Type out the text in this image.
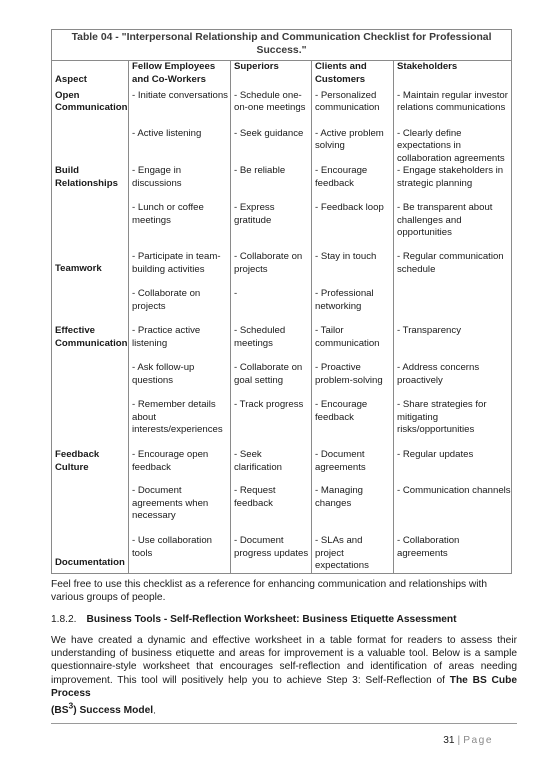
Table 04 - "Interpersonal Relationship and Communication Checklist for Professional Success."				

Aspect	Fellow Employees and Co-Workers	Superiors	Clients and Customers	Stakeholders
Open Communication	- Initiate conversations	- Schedule one-on-one meetings	- Personalized communication	- Maintain regular investor relations communications
	- Active listening	- Seek guidance	- Active problem solving	- Clearly define expectations in collaboration agreements
Build Relationships	- Engage in discussions	- Be reliable	- Encourage feedback	- Engage stakeholders in strategic planning
	- Lunch or coffee meetings	- Express gratitude	- Feedback loop	- Be transparent about challenges and opportunities
Teamwork	- Participate in team-building activities	- Collaborate on projects	- Stay in touch	- Regular communication schedule
	- Collaborate on projects	-	- Professional networking	
Effective Communication	- Practice active listening	- Scheduled meetings	- Tailor communication	- Transparency
	- Ask follow-up questions	- Collaborate on goal setting	- Proactive problem-solving	- Address concerns proactively
	- Remember details about interests/experiences	- Track progress	- Encourage feedback	- Share strategies for mitigating risks/opportunities
Feedback Culture	- Encourage open feedback	- Seek clarification	- Document agreements	- Regular updates
	- Document agreements when necessary	- Request feedback	- Managing changes	- Communication channels
Documentation	- Use collaboration tools	- Document progress updates	- SLAs and project expectations	- Collaboration agreements

Feel free to use this checklist as a reference for enhancing communication and relationships with various groups of people.

1.8.2. Business Tools - Self-Reflection Worksheet: Business Etiquette Assessment

We have created a dynamic and effective worksheet in a table format for readers to assess their understanding of business etiquette and areas for improvement is a valuable tool. Below is a sample questionnaire-style worksheet that encourages self-reflection and identification of areas needing improvement. This tool will positively help you to achieve Step 3: Self-Reflection of The BS Cube Process
$(BS^3)$ Success Model.

31 | Page
